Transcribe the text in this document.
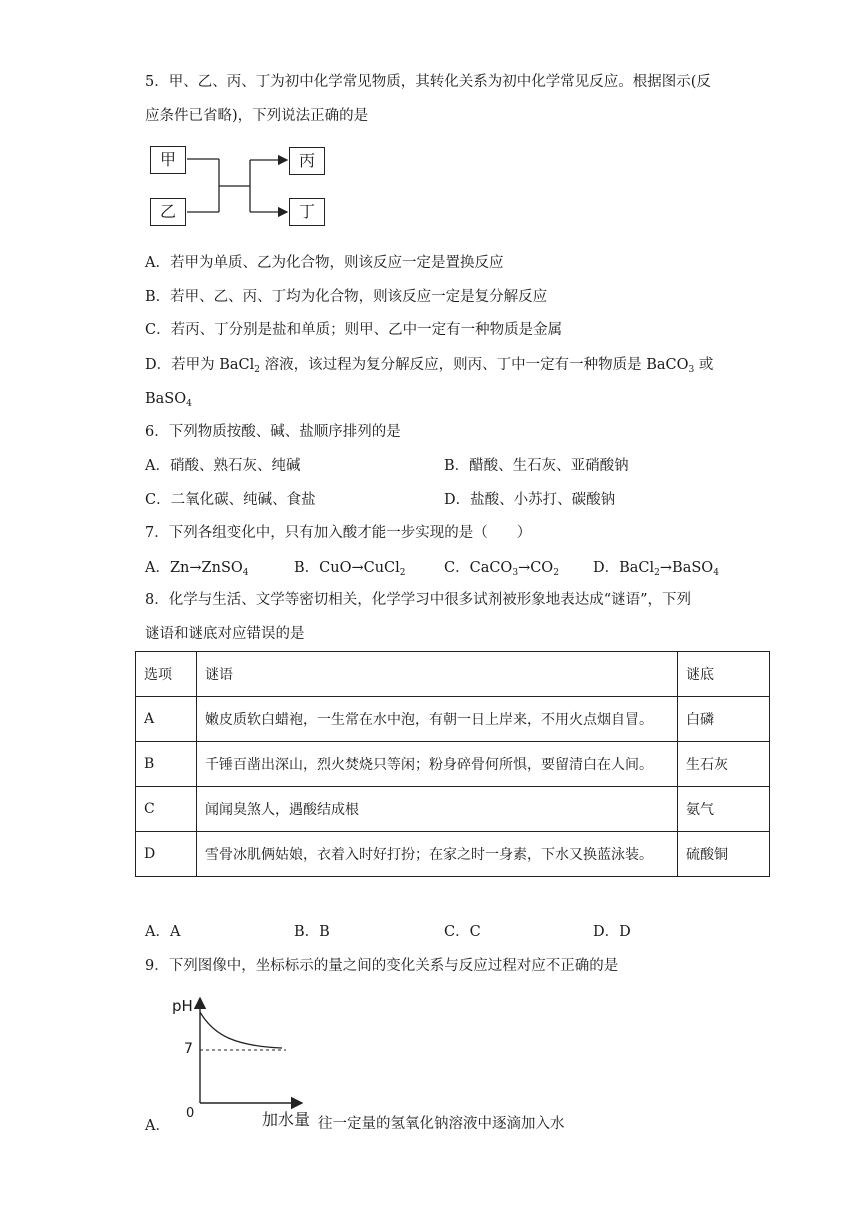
5．甲、乙、丙、丁为初中化学常见物质，其转化关系为初中化学常见反应。根据图示(反
应条件已省略)，下列说法正确的是
甲
乙
丙
丁
A．若甲为单质、乙为化合物，则该反应一定是置换反应
B．若甲、乙、丙、丁均为化合物，则该反应一定是复分解反应
C．若丙、丁分别是盐和单质；则甲、乙中一定有一种物质是金属
D．若甲为 BaCl$_2$ 溶液，该过程为复分解反应，则丙、丁中一定有一种物质是 BaCO$_3$ 或
BaSO$_4$
6．下列物质按酸、碱、盐顺序排列的是
A．硝酸、熟石灰、纯碱	B．醋酸、生石灰、亚硝酸钠
C．二氧化碳、纯碱、食盐	D．盐酸、小苏打、碳酸钠
7．下列各组变化中，只有加入酸才能一步实现的是（　　）
A．Zn→ZnSO$_4$	B．CuO→CuCl$_2$	C．$CaCO_3\to CO_2$ D．BaCl$_2$→BaSO$_4$
8．化学与生活、文学等密切相关，化学学习中很多试剂被形象地表达成“谜语”，下列
谜语和谜底对应错误的是
选项	谜语	谜底
A	嫩皮质软白蜡袍，一生常在水中泡，有朝一日上岸来，不用火点烟自冒。	白磷
B	千锤百凿出深山，烈火焚烧只等闲；粉身碎骨何所惧，要留清白在人间。	生石灰
C	闻闻臭煞人，遇酸结成根	氨气
D	雪骨冰肌俩姑娘，衣着入时好打扮；在家之时一身素，下水又换蓝泳装。	硫酸铜
A．A	B．B	C．C	D．D
9．下列图像中，坐标标示的量之间的变化关系与反应过程对应不正确的是
pH
7
0	加水量
A．	往一定量的氢氧化钠溶液中逐滴加入水
